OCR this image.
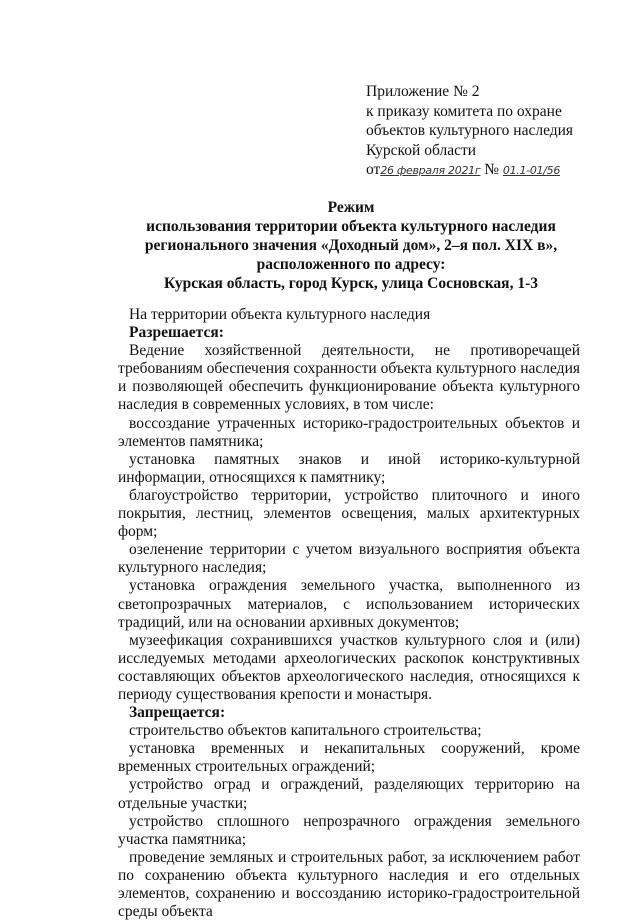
Приложение № 2
к приказу комитета по охране
объектов культурного наследия
Курской области
от26 февраля 2021г № 01.1-01/56
Режим
использования территории объекта культурного наследия
регионального значения «Доходный дом», 2–я пол. XIX в»,
расположенного по адресу:
Курская область, город Курск, улица Сосновская, 1-3

На территории объекта культурного наследия

Разрешается:

Ведение хозяйственной деятельности, не противоречащей требованиям обеспечения сохранности объекта культурного наследия и позволяющей обеспечить функционирование объекта культурного наследия в современных условиях, в том числе:

воссоздание утраченных историко-градостроительных объектов и элементов памятника;

установка памятных знаков и иной историко-культурной информации, относящихся к памятнику;

благоустройство территории, устройство плиточного и иного покрытия, лестниц, элементов освещения, малых архитектурных форм;

озеленение территории с учетом визуального восприятия объекта культурного наследия;

установка ограждения земельного участка, выполненного из светопрозрачных материалов, с использованием исторических традиций, или на основании архивных документов;

музеефикация сохранившихся участков культурного слоя и (или) исследуемых методами археологических раскопок конструктивных составляющих объектов археологического наследия, относящихся к периоду существования крепости и монастыря.

Запрещается:

строительство объектов капитального строительства;

установка временных и некапитальных сооружений, кроме временных строительных ограждений;

устройство оград и ограждений, разделяющих территорию на отдельные участки;

устройство сплошного непрозрачного ограждения земельного участка памятника;

проведение земляных и строительных работ, за исключением работ по сохранению объекта культурного наследия и его отдельных элементов, сохранению и воссозданию историко-градостроительной среды объекта
